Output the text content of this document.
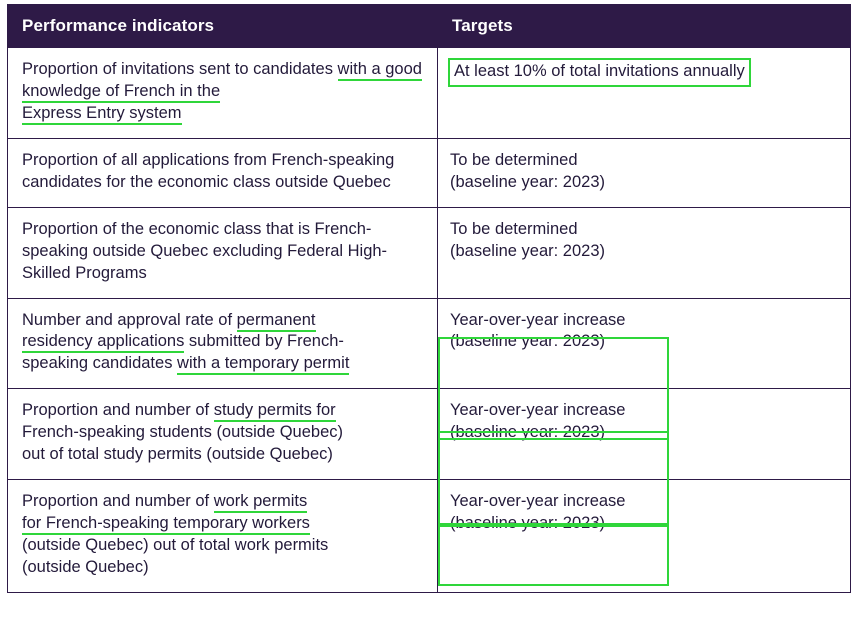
Performance indicators	Targets
Proportion of invitations sent to candidates with a good knowledge of French in the
Express Entry system	At least 10% of total invitations annually
Proportion of all applications from French-speaking candidates for the economic class outside Quebec	To be determined
(baseline year: 2023)
Proportion of the economic class that is French-speaking outside Quebec excluding Federal High-Skilled Programs	To be determined
(baseline year: 2023)
Number and approval rate of permanent
residency applications submitted by French-
speaking candidates with a temporary permit	Year-over-year increase
(baseline year: 2023)

Proportion and number of study permits for
French-speaking students (outside Quebec)
out of total study permits (outside Quebec)	Year-over-year increase
(baseline year: 2023)
Proportion and number of work permits
for French-speaking temporary workers
(outside Quebec) out of total work permits
(outside Quebec)	Year-over-year increase
(baseline year: 2023)
